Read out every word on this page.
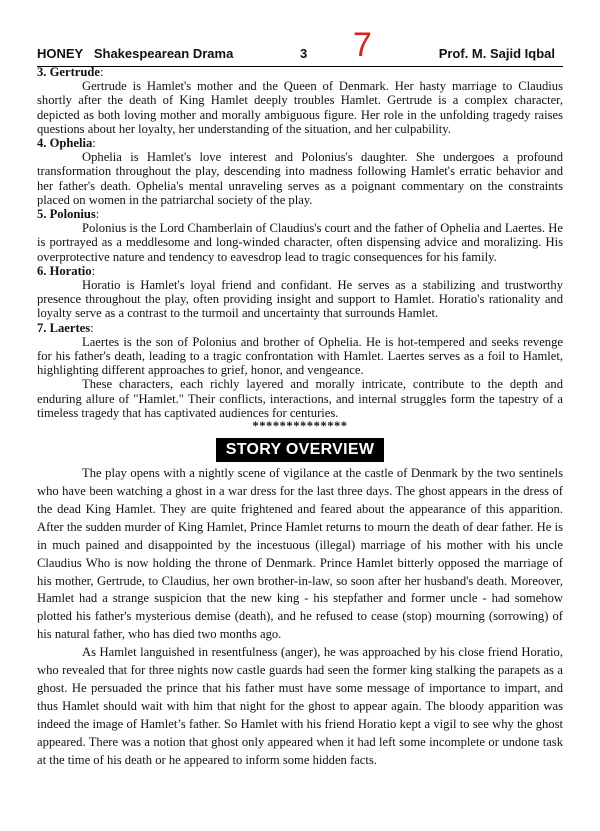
HONEY   Shakespearean Drama	3 7	Prof. M. Sajid Iqbal
3. Gertrude:

Gertrude is Hamlet's mother and the Queen of Denmark. Her hasty marriage to Claudius shortly after the death of King Hamlet deeply troubles Hamlet. Gertrude is a complex character, depicted as both loving mother and morally ambiguous figure. Her role in the unfolding tragedy raises questions about her loyalty, her understanding of the situation, and her culpability.

4. Ophelia:

Ophelia is Hamlet's love interest and Polonius's daughter. She undergoes a profound transformation throughout the play, descending into madness following Hamlet's erratic behavior and her father's death. Ophelia's mental unraveling serves as a poignant commentary on the constraints placed on women in the patriarchal society of the play.

5. Polonius:

Polonius is the Lord Chamberlain of Claudius's court and the father of Ophelia and Laertes. He is portrayed as a meddlesome and long-winded character, often dispensing advice and moralizing. His overprotective nature and tendency to eavesdrop lead to tragic consequences for his family.

6. Horatio:

Horatio is Hamlet's loyal friend and confidant. He serves as a stabilizing and trustworthy presence throughout the play, often providing insight and support to Hamlet. Horatio's rationality and loyalty serve as a contrast to the turmoil and uncertainty that surrounds Hamlet.

7. Laertes:

Laertes is the son of Polonius and brother of Ophelia. He is hot-tempered and seeks revenge for his father's death, leading to a tragic confrontation with Hamlet. Laertes serves as a foil to Hamlet, highlighting different approaches to grief, honor, and vengeance.

These characters, each richly layered and morally intricate, contribute to the depth and enduring allure of "Hamlet." Their conflicts, interactions, and internal struggles form the tapestry of a timeless tragedy that has captivated audiences for centuries.

**************
STORY OVERVIEW

The play opens with a nightly scene of vigilance at the castle of Denmark by the two sentinels who have been watching a ghost in a war dress for the last three days. The ghost appears in the dress of the dead King Hamlet. They are quite frightened and feared about the appearance of this apparition. After the sudden murder of King Hamlet, Prince Hamlet returns to mourn the death of dear father. He is in much pained and disappointed by the incestuous (illegal) marriage of his mother with his uncle Claudius Who is now holding the throne of Denmark. Prince Hamlet bitterly opposed the marriage of his mother, Gertrude, to Claudius, her own brother-in-law, so soon after her husband's death. Moreover, Hamlet had a strange suspicion that the new king - his stepfather and former uncle - had somehow plotted his father's mysterious demise (death), and he refused to cease (stop) mourning (sorrowing) of his natural father, who has died two months ago.

As Hamlet languished in resentfulness (anger), he was approached by his close friend Horatio, who revealed that for three nights now castle guards had seen the former king stalking the parapets as a ghost. He persuaded the prince that his father must have some message of importance to impart, and thus Hamlet should wait with him that night for the ghost to appear again. The bloody apparition was indeed the image of Hamlet’s father. So Hamlet with his friend Horatio kept a vigil to see why the ghost appeared. There was a notion that ghost only appeared when it had left some incomplete or undone task at the time of his death or he appeared to inform some hidden facts.
